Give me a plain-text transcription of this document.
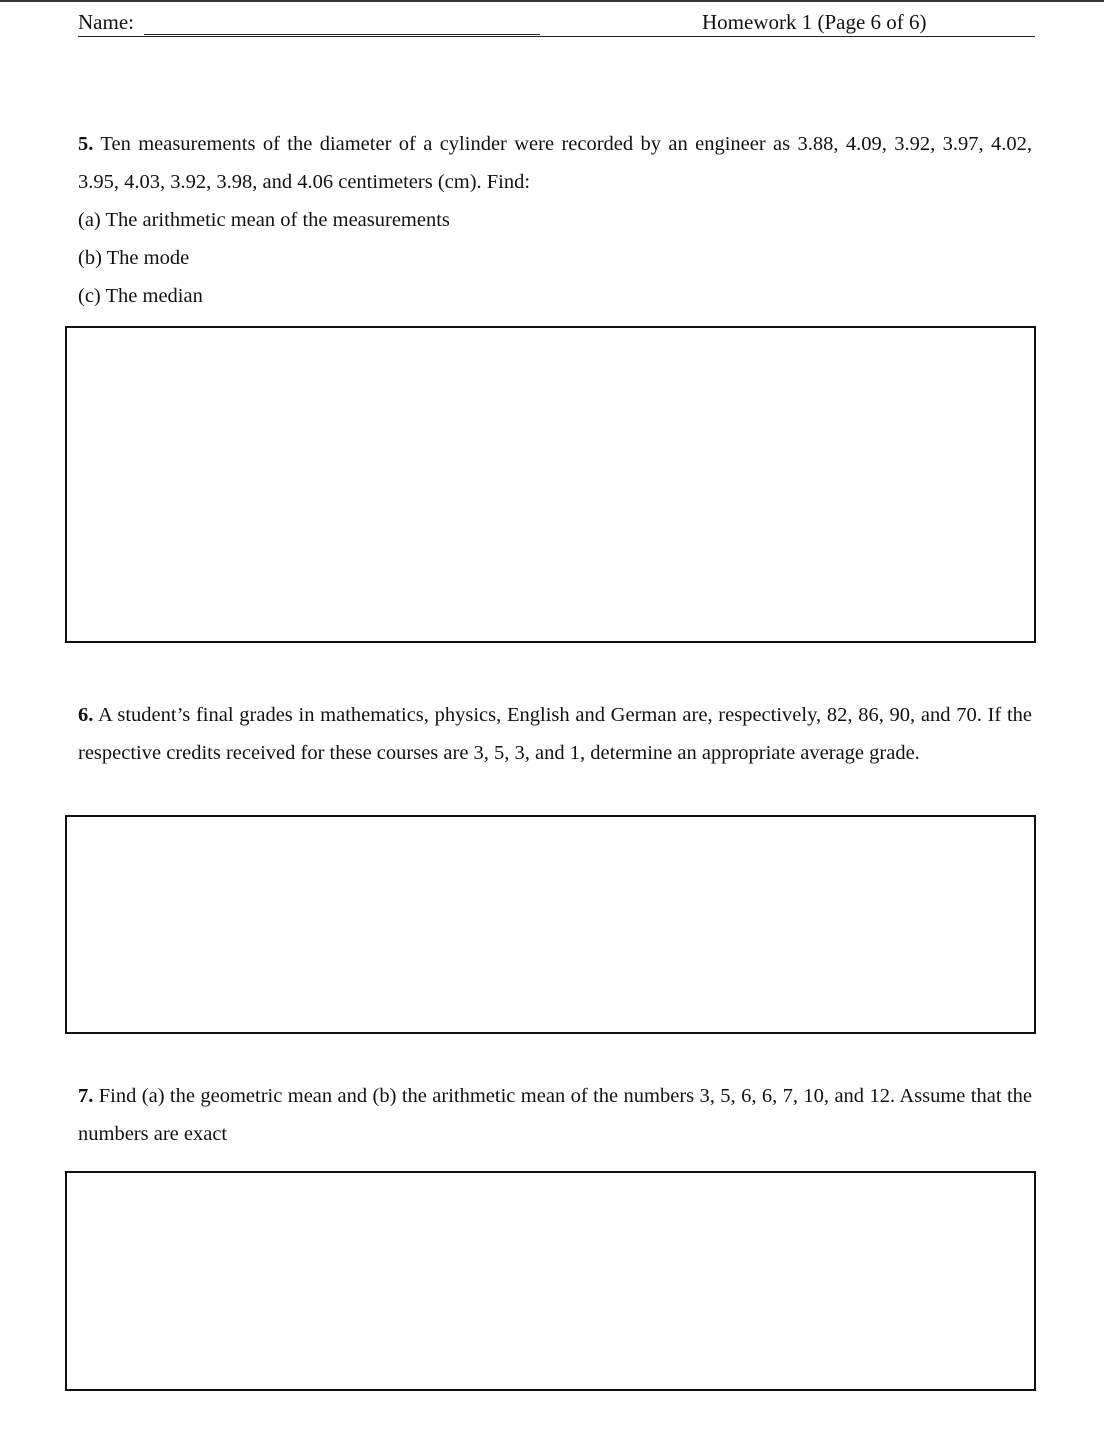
Name:	Homework 1 (Page 6 of 6)
5. Ten measurements of the diameter of a cylinder were recorded by an engineer as 3.88, 4.09, 3.92, 3.97, 4.02, 3.95, 4.03, 3.92, 3.98, and 4.06 centimeters (cm). Find:
(a) The arithmetic mean of the measurements
(b) The mode
(c) The median
6. A student’s final grades in mathematics, physics, English and German are, respectively, 82, 86, 90, and 70. If the respective credits received for these courses are 3, 5, 3, and 1, determine an appropriate average grade.
7. Find (a) the geometric mean and (b) the arithmetic mean of the numbers 3, 5, 6, 6, 7, 10, and 12. Assume that the numbers are exact
